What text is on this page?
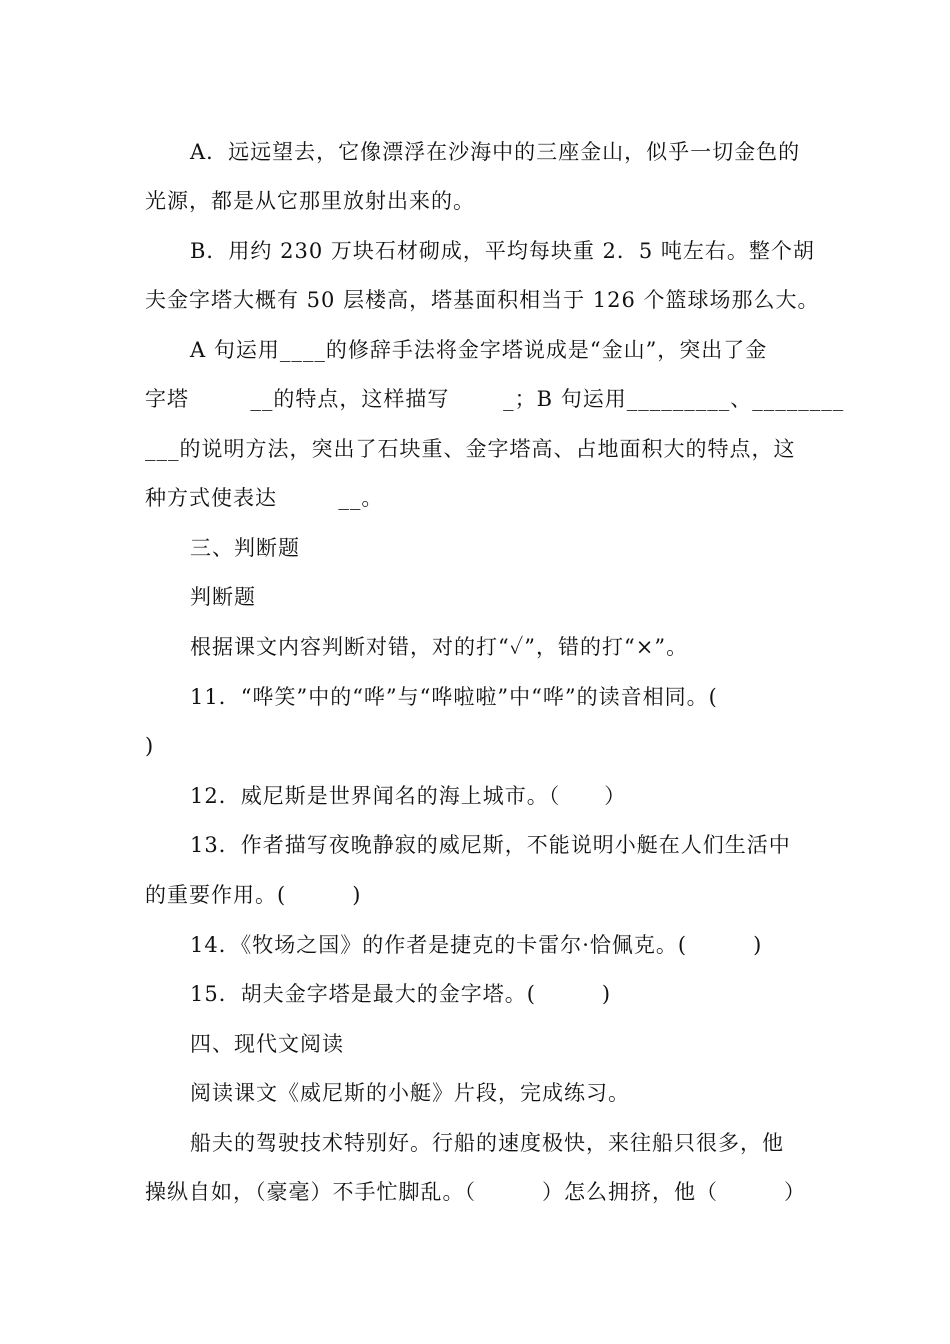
A．远远望去，它像漂浮在沙海中的三座金山，似乎一切金色的
光源，都是从它那里放射出来的。
B．用约 230 万块石材砌成，平均每块重 2．5 吨左右。整个胡
夫金字塔大概有 50 层楼高，塔基面积相当于 126 个篮球场那么大。
A 句运用____的修辞手法将金字塔说成是“金山”，突出了金
字塔        __的特点，这样描写       _；B 句运用_________、________
___的说明方法，突出了石块重、金字塔高、占地面积大的特点，这
种方式使表达        __。
三、判断题
判断题
根据课文内容判断对错，对的打“✓”，错的打“×”。
11．“哗笑”中的“哗”与“哗啦啦”中“哗”的读音相同。(
)
12．威尼斯是世界闻名的海上城市。（　　）
13．作者描写夜晚静寂的威尼斯，不能说明小艇在人们生活中
的重要作用。(　　　)
14．《牧场之国》的作者是捷克的卡雷尔·恰佩克。(　　　)
15．胡夫金字塔是最大的金字塔。(　　　)
四、现代文阅读
阅读课文《威尼斯的小艇》片段，完成练习。
船夫的驾驶技术特别好。行船的速度极快，来往船只很多，他
操纵自如，（豪毫）不手忙脚乱。（　　　）怎么拥挤，他（　　　）
